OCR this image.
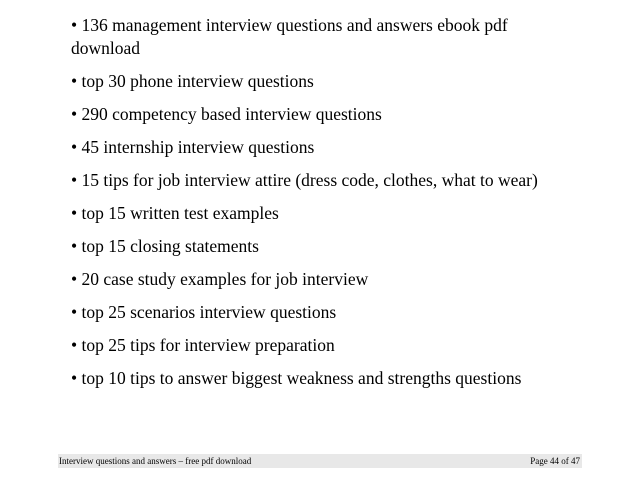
• 136 management interview questions and answers ebook pdf download
• top 30 phone interview questions
• 290 competency based interview questions
• 45 internship interview questions
• 15 tips for job interview attire (dress code, clothes, what to wear)
• top 15 written test examples
• top 15 closing statements
• 20 case study examples for job interview
• top 25 scenarios interview questions
• top 25 tips for interview preparation
• top 10 tips to answer biggest weakness and strengths questions
Interview questions and answers – free pdf download	Page 44 of 47
